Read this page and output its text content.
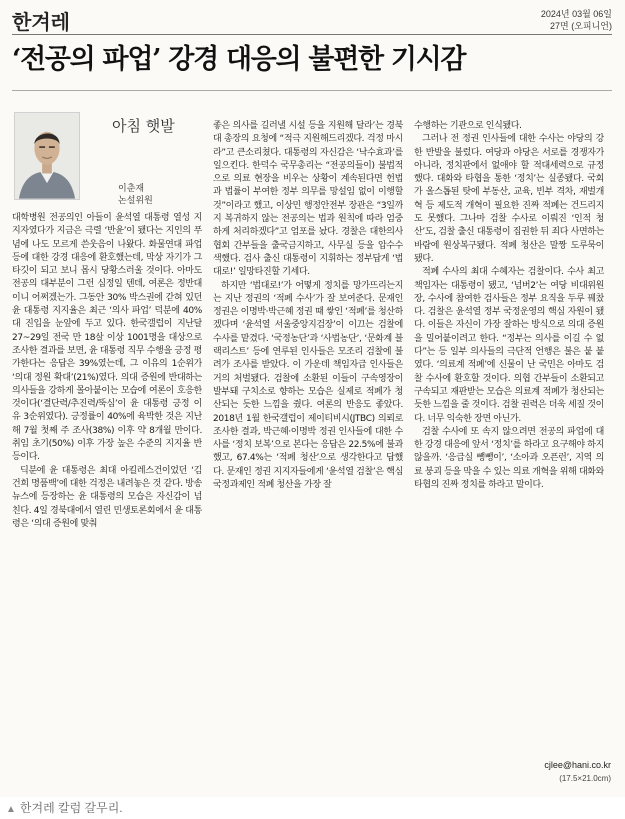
한겨레	2024년 03월 06일
27면 (오피니언)
‘전공의 파업’ 강경 대응의 불편한 기시감
아침 햇발
이춘재
논설위원

대학병원 전공의인 아들이 윤석열 대통령 열성 지지자였다가 지금은 극렬 ‘반윤’이 됐다는 지인의 푸념에 나도 모르게 쓴웃음이 나왔다. 화물연대 파업 등에 대한 강경 대응에 환호했는데, 막상 자기가 그 타깃이 되고 보니 몹시 당황스러울 것이다. 아마도 전공의 대부분이 그런 심정일 텐데, 여론은 정반대이니 어쩌겠는가. 그동안 30% 박스권에 갇혀 있던 윤 대통령 지지율은 최근 ‘의사 파업’ 덕분에 40%대 진입을 눈앞에 두고 있다. 한국갤럽이 지난달 27~29일 전국 만 18살 이상 1001명을 대상으로 조사한 결과를 보면, 윤 대통령 직무 수행을 긍정 평가한다는 응답은 39%였는데, 그 이유의 1순위가 ‘의대 정원 확대’(21%)였다. 의대 증원에 반대하는 의사들을 강하게 몰아붙이는 모습에 여론이 호응한 것이다(‘결단력/추진력/뚝심’이 윤 대통령 긍정 이유 3순위였다). 긍정률이 40%에 육박한 것은 지난해 7월 첫째 주 조사(38%) 이후 약 8개월 만이다. 취임 초기(50%) 이후 가장 높은 수준의 지지율 반등이다.

딕분에 윤 대통령은 최대 아킬레스건이었던 ‘김건희 명품백’에 대한 걱정은 내려놓은 것 같다. 방송 뉴스에 등장하는 윤 대통령의 모습은 자신감이 넘친다. 4일 경북대에서 열린 민생토론회에서 윤 대통령은 ‘의대 증원에 맞춰

좋은 의사를 길러낼 시설 등을 지원해 달라’는 경북대 총장의 요청에 “적극 지원해드리겠다. 걱정 마시라”고 큰소리쳤다. 대통령의 자신감은 ‘낙수효과’를 일으킨다. 한덕수 국무총리는 “전공의들이) 불법적으로 의료 현장을 비우는 상황이 계속된다면 헌법과 법률이 부여한 정부 의무를 망설임 없이 이행할 것”이라고 했고, 이상민 행정안전부 장관은 “3일까지 복귀하지 않는 전공의는 법과 원칙에 따라 엄중하게 처리하겠다”고 엄포를 놨다. 경찰은 대한의사협회 간부들을 출국금지하고, 사무실 등을 압수수색했다. 검사 출신 대통령이 지휘하는 정부답게 ‘법대로!’ 일망타진할 기세다.

하지만 ‘법대로!’가 어떻게 정치를 망가뜨리는지는 지난 정권의 ‘적폐 수사’가 잘 보여준다. 문재인 정권은 이명박·박근혜 정권 때 쌓인 ‘적폐’를 청산하겠다며 ‘윤석열 서울중앙지검장’이 이끄는 검찰에 수사를 맡겼다. ‘국정농단’과 ‘사법농단’, ‘문화계 블랙리스트’ 등에 연루된 인사들은 모조리 검찰에 불려가 조사를 받았다. 이 가운데 책임자급 인사들은 거의 처벌됐다. 검찰에 소환된 이들이 구속영장이 발부돼 구치소로 향하는 모습은 실제로 적폐가 청산되는 듯한 느낌을 줬다. 여론의 반응도 좋았다. 2018년 1월 한국갤럽이 제이티비시(JTBC) 의뢰로 조사한 결과, 박근혜·이명박 정권 인사들에 대한 수사를 ‘정치 보복’으로 본다는 응답은 22.5%에 불과했고, 67.4%는 ‘적폐 청산’으로 생각한다고 답했다. 문재인 정권 지지자들에게 ‘윤석열 검찰’은 핵심 국정과제인 적폐 청산을 가장 잘

수행하는 기관으로 인식됐다.

그러나 전 정권 인사들에 대한 수사는 야당의 강한 반발을 불렀다. 여당과 야당은 서로를 경쟁자가 아니라, 정치판에서 없애야 할 적대세력으로 규정했다. 대화와 타협을 통한 ‘정치’는 실종됐다. 국회가 올스톱된 탓에 부동산, 교육, 빈부 격차, 재벌개혁 등 제도적 개혁이 필요한 진짜 적폐는 건드리지도 못했다. 그나마 검찰 수사로 이뤄진 ‘인적 청산’도, 검찰 출신 대통령이 집권한 뒤 죄다 사면하는 바람에 원상복구됐다. 적폐 청산은 말짱 도루묵이 됐다.

적폐 수사의 최대 수혜자는 검찰이다. 수사 최고책임자는 대통령이 됐고, ‘넘버2’는 여당 비대위원장, 수사에 참여한 검사들은 정부 요직을 두루 꿰찼다. 검찰은 윤석열 정부 국정운영의 핵심 자원이 됐다. 이들은 자신이 가장 잘하는 방식으로 의대 증원을 밀어붙이려고 한다. “정부는 의사를 이길 수 없다”는 등 일부 의사들의 극단적 언행은 불은 붙 붙였다. ‘의료계 적폐’에 신물이 난 국민은 아마도 검찰 수사에 환호할 것이다. 의협 간부들이 소환되고 구속되고 재판받는 모습은 의료계 적폐가 청산되는 듯한 느낌을 줄 것이다. 검찰 권력은 더욱 세질 것이다. 너무 익숙한 장면 아닌가.

검찰 수사에 또 속지 않으려면 전공의 파업에 대한 강경 대응에 앞서 ‘정치’를 하라고 요구해야 하지 않을까. ‘응급실 뺑뺑이’, ‘소아과 오픈런’, 지역 의료 붕괴 등을 막을 수 있는 의료 개혁을 위해 대화와 타협의 진짜 정치를 하라고 말이다.

cjlee@hani.co.kr
(17.5×21.0cm)
▲ 한겨레 칼럼 갈무리.
